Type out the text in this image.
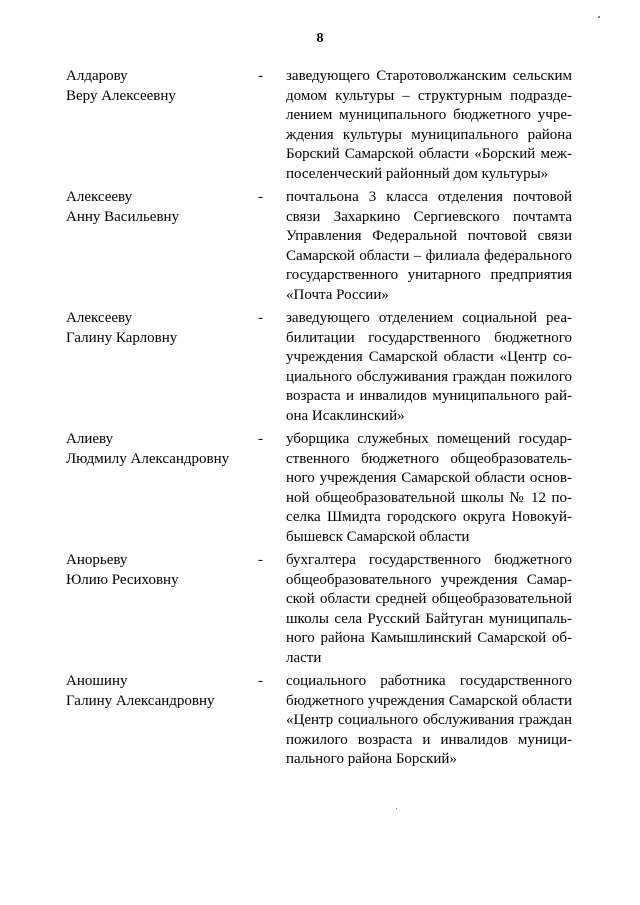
8
Алдарову
Веру Алексеевну
-	заведующего Старотоволжанским сельским
домом культуры – структурным подразде-
лением муниципального бюджетного учре-
ждения культуры муниципального района
Борский Самарской области «Борский меж-
поселенческий районный дом культуры»
Алексееву
Анну Васильевну
-	почтальона 3 класса отделения почтовой
связи Захаркино Сергиевского почтамта
Управления Федеральной почтовой связи
Самарской области – филиала федерального
государственного унитарного предприятия
«Почта России»
Алексееву
Галину Карловну
-	заведующего отделением социальной реа-
билитации государственного бюджетного
учреждения Самарской области «Центр со-
циального обслуживания граждан пожилого
возраста и инвалидов муниципального рай-
она Исаклинский»
Алиеву
Людмилу Александровну
-	уборщика служебных помещений государ-
ственного бюджетного общеобразователь-
ного учреждения Самарской области основ-
ной общеобразовательной школы № 12 по-
селка Шмидта городского округа Новокуй-
бышевск Самарской области
Анорьеву
Юлию Ресиховну
-	бухгалтера государственного бюджетного
общеобразовательного учреждения Самар-
ской области средней общеобразовательной
школы села Русский Байтуган муниципаль-
ного района Камышлинский Самарской об-
ласти
Аношину
Галину Александровну
-	социального работника государственного
бюджетного учреждения Самарской области
«Центр социального обслуживания граждан
пожилого возраста и инвалидов муници-
пального района Борский»
